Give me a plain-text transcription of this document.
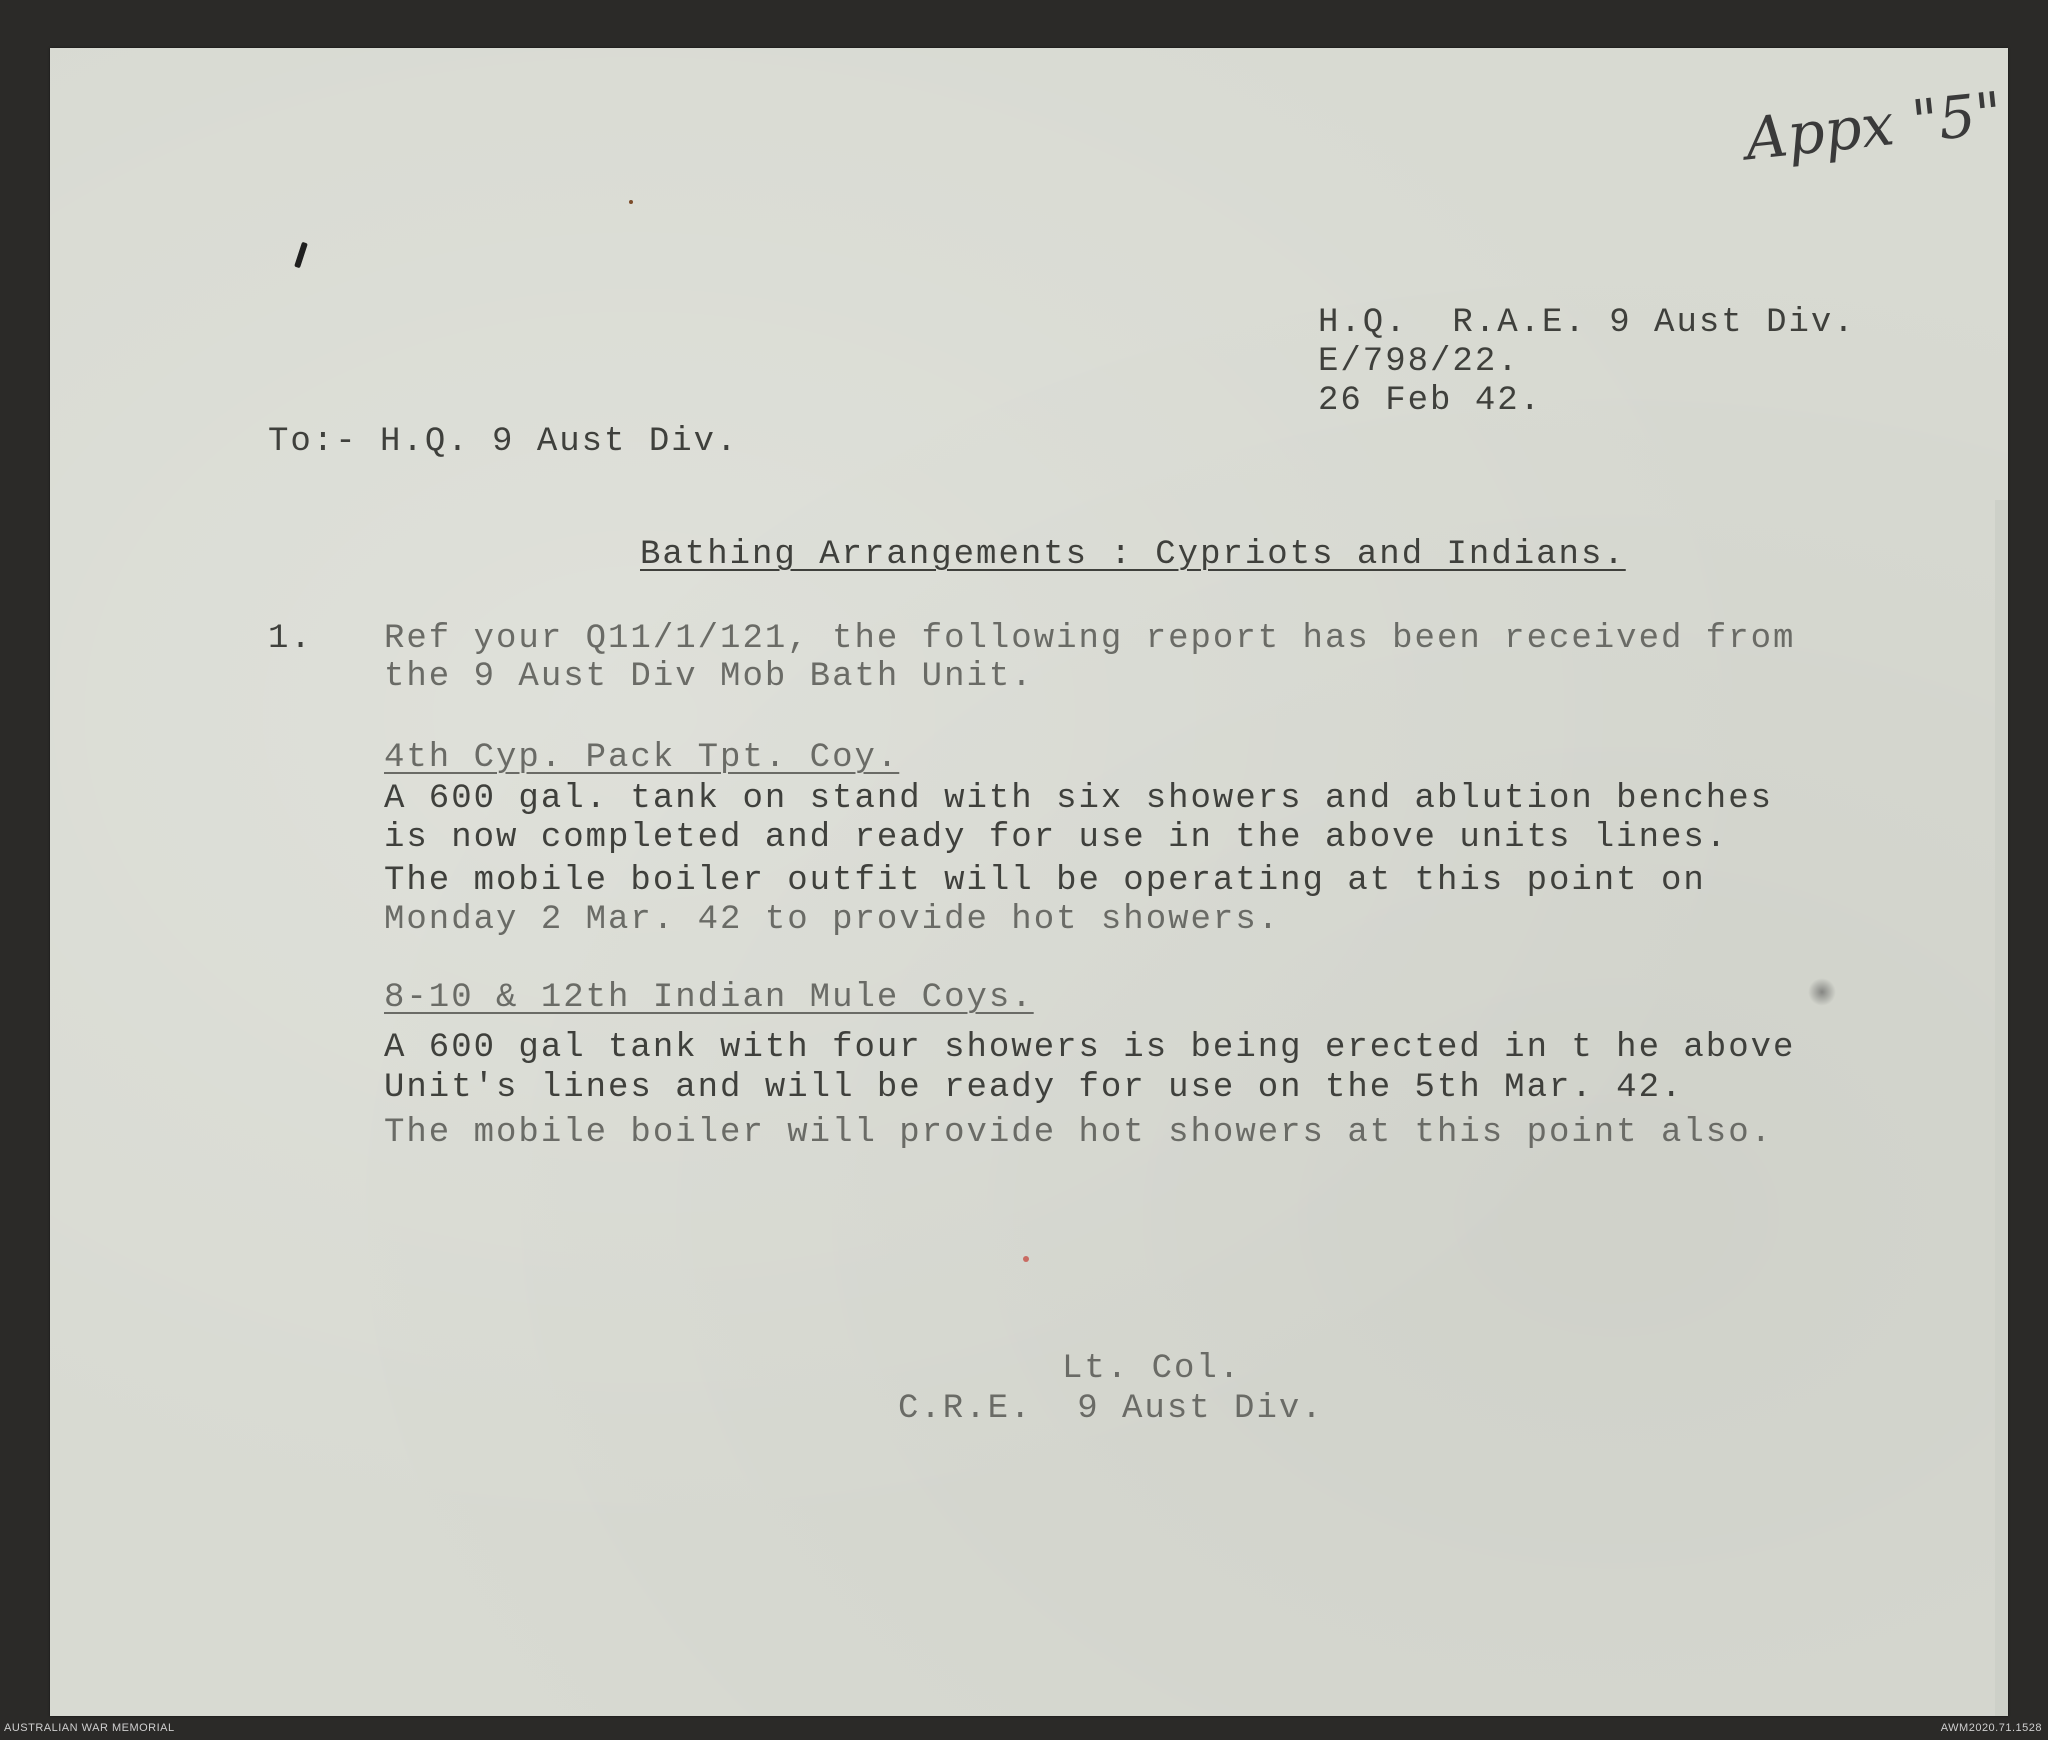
Appx "5"
H.Q.  R.A.E. 9 Aust Div.
E/798/22.
26 Feb 42.
To:- H.Q. 9 Aust Div.
Bathing Arrangements : Cypriots and Indians.
1. Ref your Q11/1/121, the following report has been received from
the 9 Aust Div Mob Bath Unit.
4th Cyp. Pack Tpt. Coy.
A 600 gal. tank on stand with six showers and ablution benches
is now completed and ready for use in the above units lines.
The mobile boiler outfit will be operating at this point on
Monday 2 Mar. 42 to provide hot showers.
8-10 & 12th Indian Mule Coys.
A 600 gal tank with four showers is being erected in t he above
Unit's lines and will be ready for use on the 5th Mar. 42.
The mobile boiler will provide hot showers at this point also.
Lt. Col.
C.R.E.  9 Aust Div.
AUSTRALIAN WAR MEMORIAL	AWM2020.71.1528
